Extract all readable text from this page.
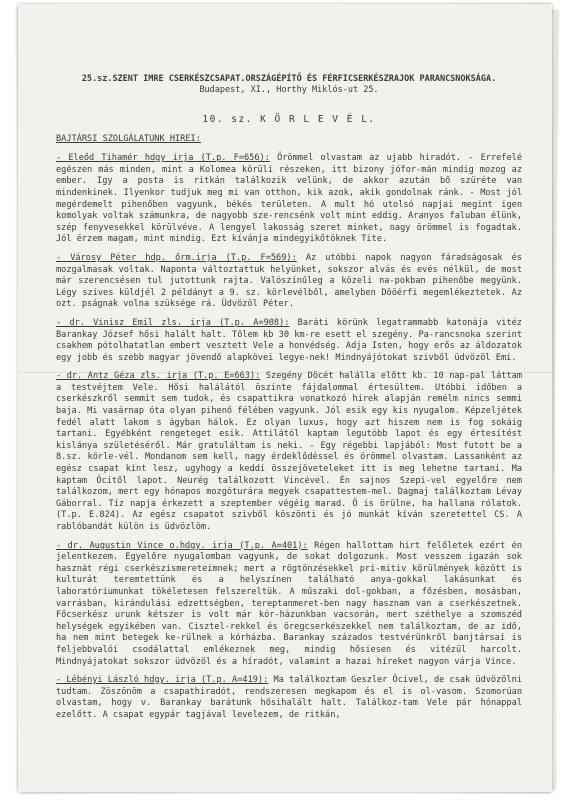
25.sz.SZENT IMRE CSERKÉSZCSAPAT.ORSZÁGÉPÍTŐ ÉS FÉRFICSERKÉSZRAJOK PARANCSNOKSÁGA.
Budapest, XI., Horthy Miklós-ut 25.
10. sz. K Ö R L E V É L.
BAJTÁRSI SZOLGÁLATUNK HIREI:
- Eleőd Tihamér hdgy irja (T.p. F=656): Örömmel olvastam az ujabb hiradót. - Errefelé egészen más minden, mint a Kolomea körüli részeken, itt bizony jófor-mán mindig mozog az ember. Igy a posta is ritkán találkozik velünk, de akkor azután bő szüréte van mindenkinek. Ilyenkor tudjuk meg mi van otthon, kik azok, akik gondolnak ránk. - Most jól megérdemelt pihenőben vagyunk, békés területen. A mult hó utolsó napjai megint igen komolyak voltak számunkra, de nagyobb sze-rencsénk volt mint eddig. Aranyos faluban élünk, szép fenyvesekkel körülvéve. A lengyel lakosság szeret minket, nagy örömmel is fogadtak. Jól érzem magam, mint mindig. Ezt kívánja mindegyikőtöknek Tite.
- Városy Péter hdp. őrm.irja (T.p. F=569): Az utóbbi napok nagyon fáradságosak és mozgalmasak voltak. Naponta változtattuk helyünket, sokszor alvás és evés nélkül, de most már szerencsésen tul jutottunk rajta. Valószínűleg a közeli na-pokban pihenőbe megyünk. Légy szives küldjél 2 példányt a 9. sz. körlevélből, amelyben Dööérfi megemlékeztetek. Az ozt. pságnak volna szüksége rá. Üdvözöl Péter.
- dr. Vinisz Emil zls. irja (T.p. A=908): Baráti körünk legatrammabb katonája vitéz Barankay József hősi halált halt. Tőlem kb 30 km-re esett el szegény. Pa-rancsnoka szerint csakhem pótolhatatlan embert vesztett Vele a honvédség. Adja Isten, hogy erős az áldozatok egy jobb és szebb magyar jövendő alapkövei legye-nek! Mindnyájótokat szivből üdvözöl Emi.
- dr. Antz Géza zls. irja (T.p. E=663): Szegény Döcét halálla előtt kb. 10 nap-pal láttam a testvéjtem Vele. Hősi halálától öszinte fájdalommal értesültem. Utóbbi időben a cserkészkről semmit sem tudok, és csapattikra vonatkozó hirek alapján remélm nincs semmi baja. Mi vasárnap óta olyan pihenő félében vagyunk. Jól esik egy kis nyugalom. Képzeljétek fedél alatt lakom s ágyban hálok. Ez olyan luxus, hogy azt hiszem nem is fog sokáig tartani. Egyébként rengeteget esik. Attilától kaptam legutóbb lapot és egy értesítést kislánya születéséről. Már gratuláltam is neki. - Egy régebbi lapjából: Most futott be a 8.sz. körle-vél. Mondanom sem kell, nagy érdeklődéssel és örömmel olvastam. Lassanként az egész csapat kint lesz, ugyhogy a keddi összejöveteleket itt is meg lehetne tartani. Ma kaptam Ócitől lapot. Neurég találkozott Vincével. Én sajnos Szepi-vel egyelőre nem találkozom, mert egy hónapos mozgóturára megyek csapattestem-mel. Dagmaj találkoztam Lévay Gáborral. Tíz napja érkezett a szeptember végéig marad. Ő is örülne, ha hallana rólatok. (T.p. E.824). Az egész csapatot szivből köszönti és jó munkát kíván szeretettel CS. A rablóbandát külön is üdvözlöm.
- dr. Augustin Vince o.hdgy. irja (T.p. A=401): Régen hallottam hirt felőletek ezért én jelentkezem. Egyelőre nyugalomban vagyunk, de sokat dolgozunk. Most vesszem igazán sok hasznát régi cserkészismereteimnek; mert a rögtönzésekkel pri-mitiv körülmények között is kulturát teremtettünk és a helyszínen található anya-gokkal lakásunkat és laboratóriumunkat tökéletesen felszereltük. A műszaki dol-gokban, a főzésben, mosásban, varrásban, kirándulási edzettségben, tereptanmeret-ben nagy hasznam van a cserkészetnek. Főcserkész urunk kétszer is volt már kór-házunkban vacsorán, mert széthelye a szomszéd helységek egyikében van. Cisztel-rekkel és öregcserkészekkel nem találkoztam, de az idő, ha nem mint betegek ke-rülnek a kórházba. Barankay százados testvérünkről banjtársai is feljebbvalói csodálattal emlékeznek meg, mindig hősiesen és vitézül harcolt. Mindnyájatokat sokszor üdvözöl és a híradót, valamint a hazai híreket nagyon várja Vince.
- Lébényi László hdgy. irja (T.p. A=419): Ma találkoztam Geszler Öcivel, de csak üdvözölni tudtam. Zöszönöm a csapathiradót, rendszeresen megkapom és el is ol-vasom. Szomorúan olvastam, hogy v. Barankay barátunk hősihalált halt. Találkoz-tam Vele pár hónappal ezelőtt. A csapat egypár tagjával levelezem, de ritkán,
